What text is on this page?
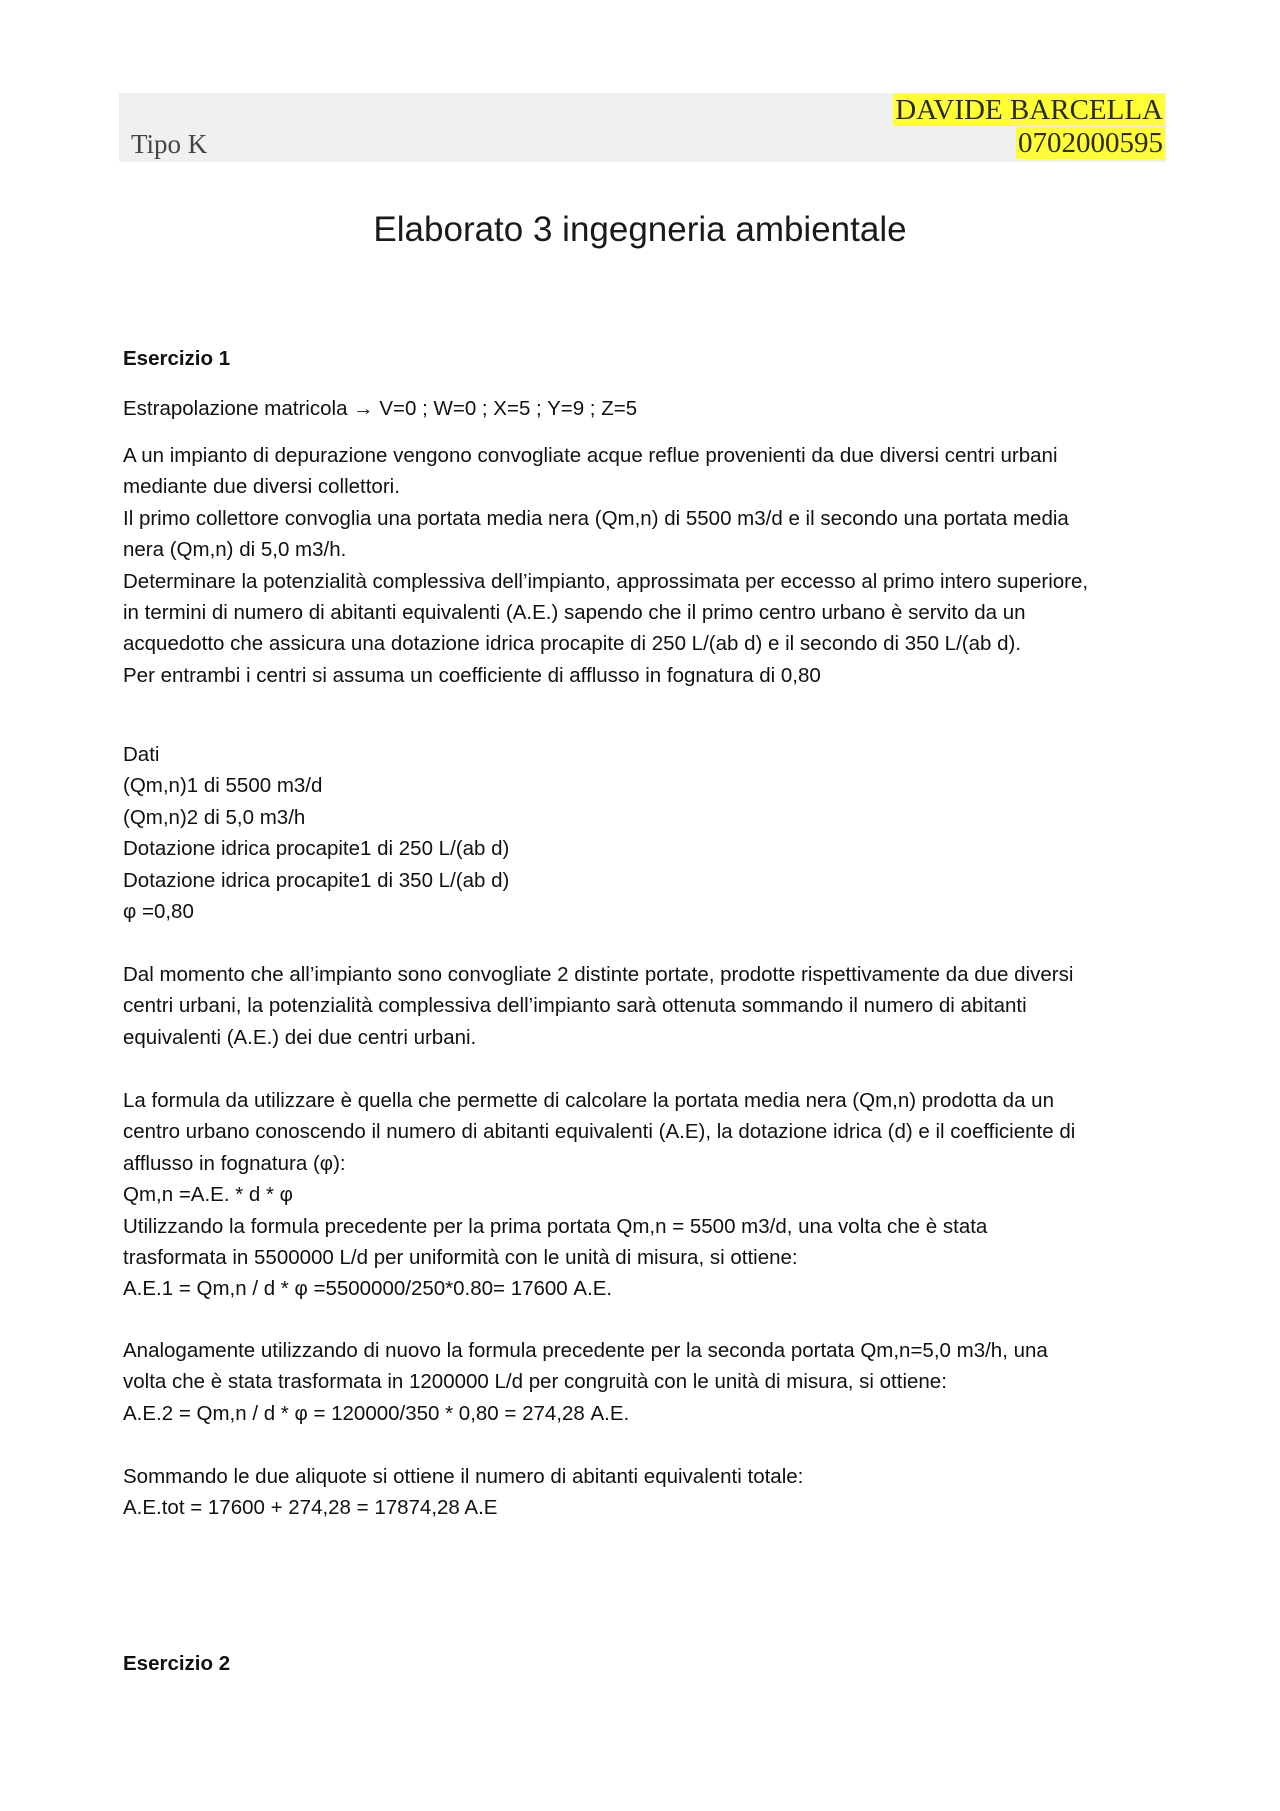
Tipo K
DAVIDE BARCELLA
0702000595
Elaborato 3 ingegneria ambientale
Esercizio 1
Estrapolazione matricola → V=0 ; W=0 ; X=5 ; Y=9 ; Z=5
A un impianto di depurazione vengono convogliate acque reflue provenienti da due diversi centri urbani
mediante due diversi collettori.
Il primo collettore convoglia una portata media nera (Qm,n) di 5500 m3/d e il secondo una portata media
nera (Qm,n) di 5,0 m3/h.
Determinare la potenzialità complessiva dell’impianto, approssimata per eccesso al primo intero superiore,
in termini di numero di abitanti equivalenti (A.E.) sapendo che il primo centro urbano è servito da un
acquedotto che assicura una dotazione idrica procapite di 250 L/(ab d) e il secondo di 350 L/(ab d).
Per entrambi i centri si assuma un coefficiente di afflusso in fognatura di 0,80
Dati
(Qm,n)1 di 5500 m3/d
(Qm,n)2 di 5,0 m3/h
Dotazione idrica procapite1 di 250 L/(ab d)
Dotazione idrica procapite1 di 350 L/(ab d)
φ =0,80
Dal momento che all’impianto sono convogliate 2 distinte portate, prodotte rispettivamente da due diversi
centri urbani, la potenzialità complessiva dell’impianto sarà ottenuta sommando il numero di abitanti
equivalenti (A.E.) dei due centri urbani.
La formula da utilizzare è quella che permette di calcolare la portata media nera (Qm,n) prodotta da un
centro urbano conoscendo il numero di abitanti equivalenti (A.E), la dotazione idrica (d) e il coefficiente di
afflusso in fognatura (φ):
Qm,n =A.E. * d * φ
Utilizzando la formula precedente per la prima portata Qm,n = 5500 m3/d, una volta che è stata
trasformata in 5500000 L/d per uniformità con le unità di misura, si ottiene:
A.E.1 = Qm,n / d * φ =5500000/250*0.80= 17600 A.E.
Analogamente utilizzando di nuovo la formula precedente per la seconda portata Qm,n=5,0 m3/h, una
volta che è stata trasformata in 1200000 L/d per congruità con le unità di misura, si ottiene:
A.E.2 = Qm,n / d * φ = 120000/350 * 0,80 = 274,28 A.E.
Sommando le due aliquote si ottiene il numero di abitanti equivalenti totale:
A.E.tot = 17600 + 274,28 = 17874,28 A.E
Esercizio 2
